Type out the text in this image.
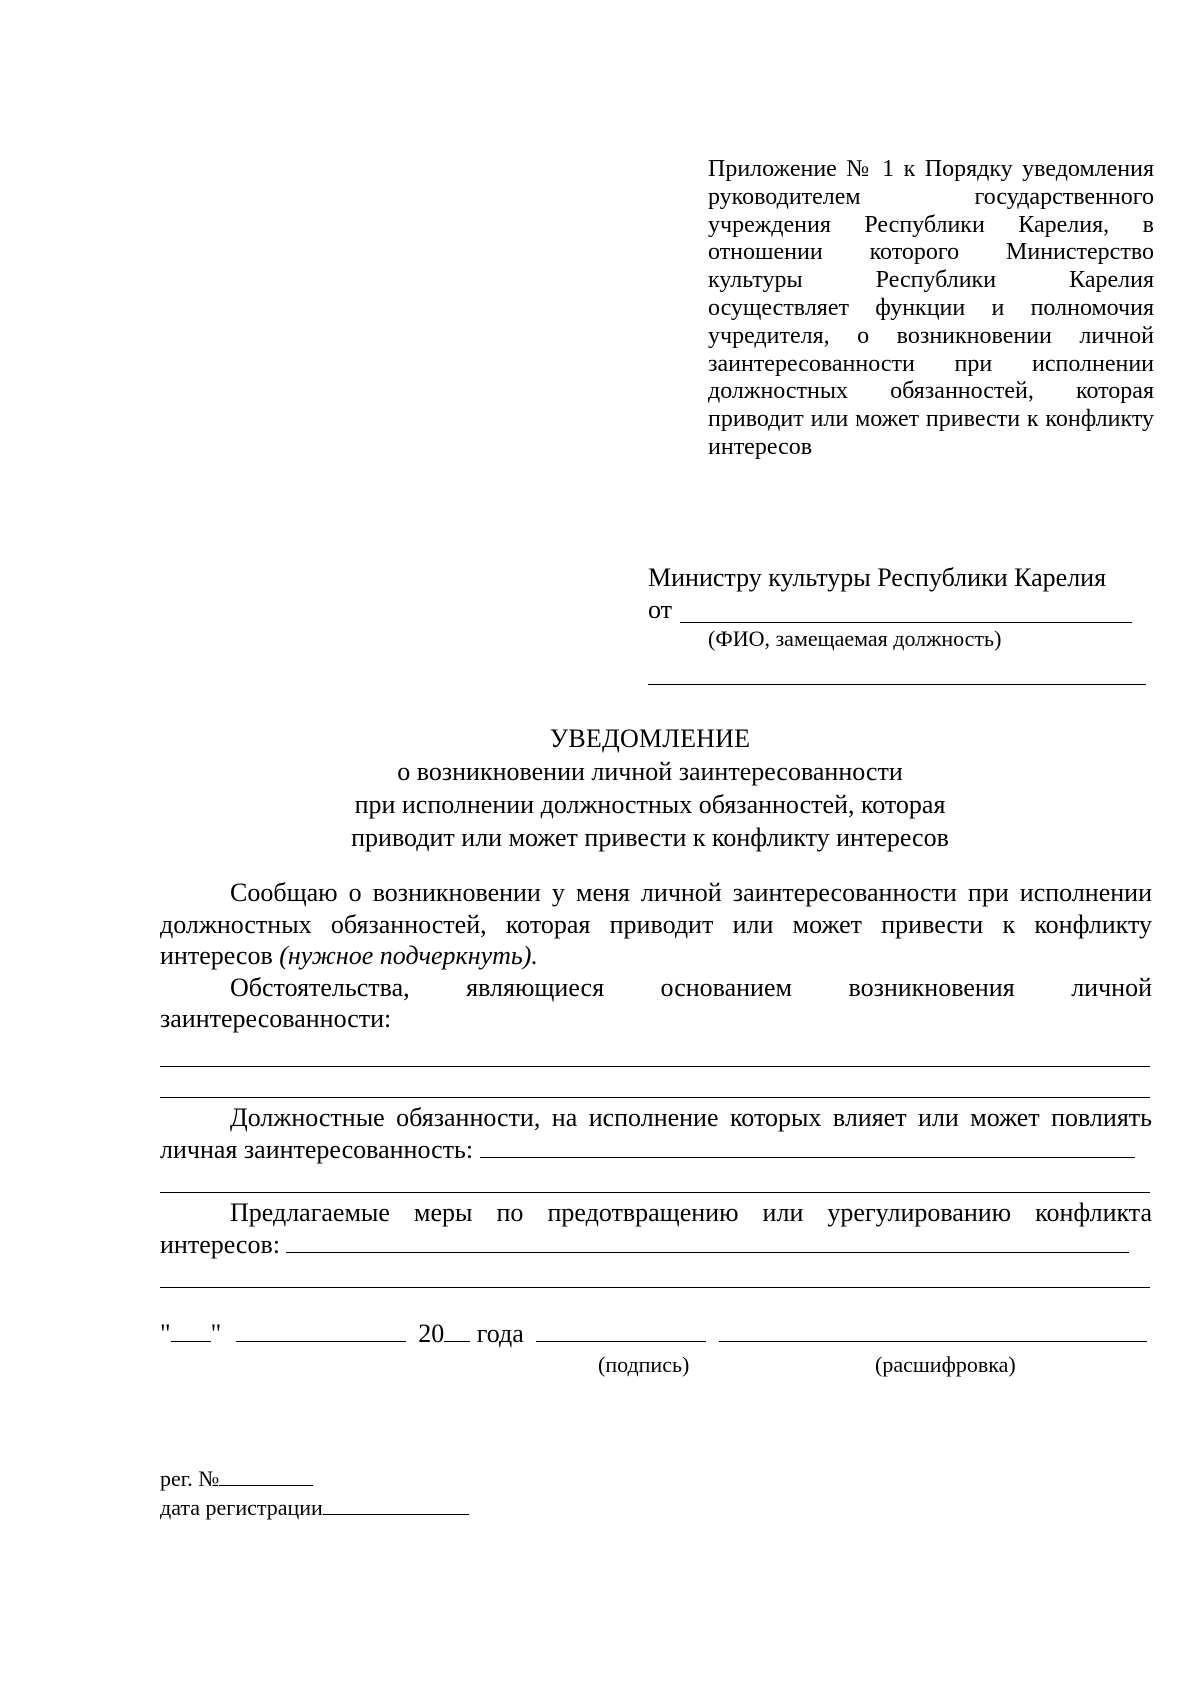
Приложение № 1 к Порядку уведомления руководителем государственного учреждения Республики Карелия, в отношении которого Министерство культуры Республики Карелия осуществляет функции и полномочия учредителя, о возникновении личной заинтересованности при исполнении должностных обязанностей, которая приводит или может привести к конфликту интересов

Министру культуры Республики Карелия
от
(ФИО, замещаемая должность)
УВЕДОМЛЕНИЕ
о возникновении личной заинтересованности
при исполнении должностных обязанностей, которая
приводит или может привести к конфликту интересов

Сообщаю о возникновении у меня личной заинтересованности при исполнении должностных обязанностей, которая приводит или может привести к конфликту интересов (нужное подчеркнуть).

Обстоятельства, являющиеся основанием возникновения личной заинтересованности:

Должностные обязанности, на исполнение которых влияет или может повлиять личная заинтересованность:

Предлагаемые меры по предотвращению или урегулированию конфликта интересов:

" "	20 года
(подпись)	(расшифровка)
рег. №
дата регистрации
